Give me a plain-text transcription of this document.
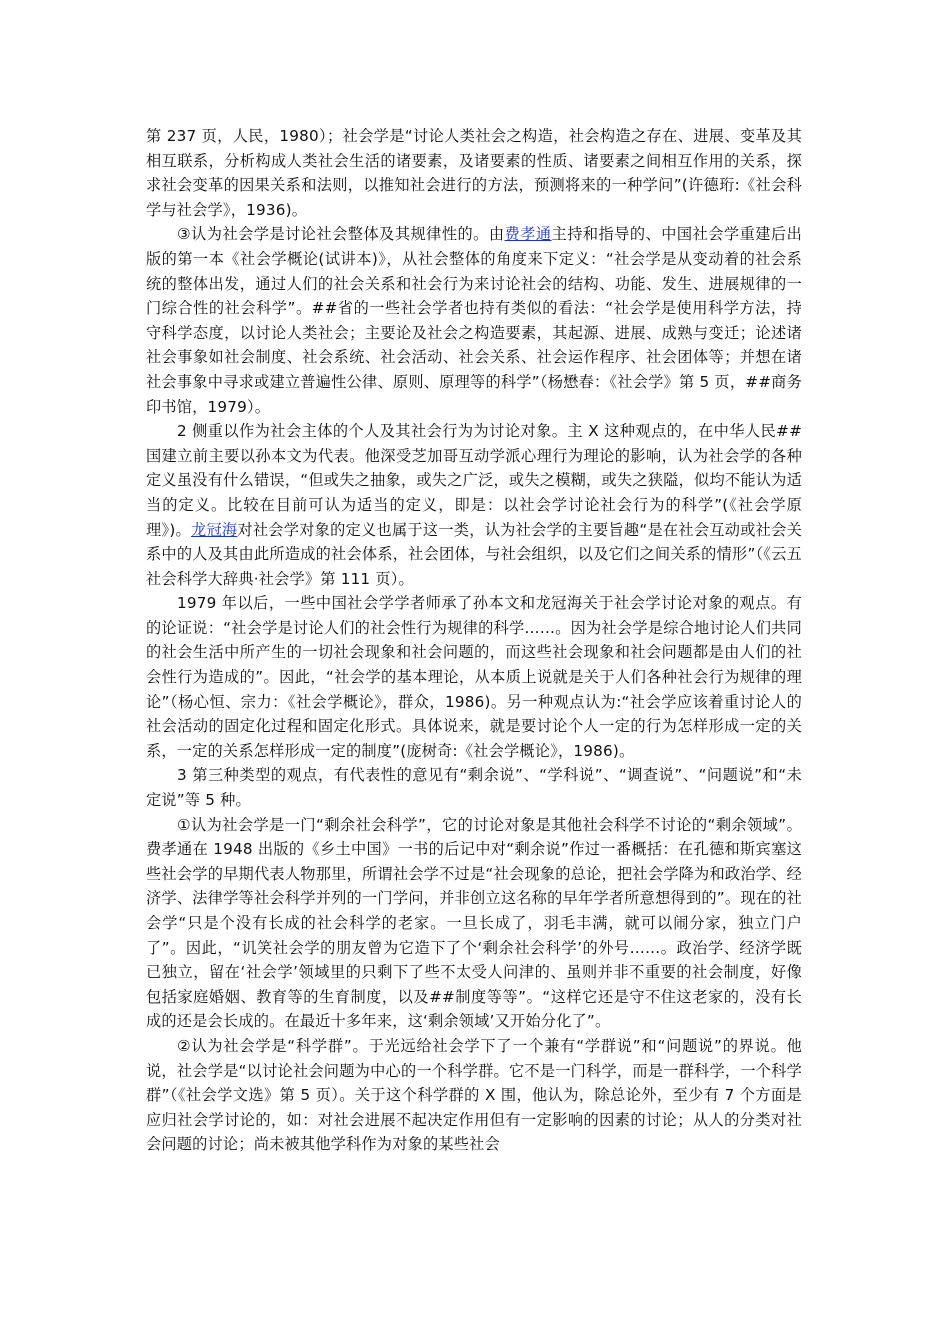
第 237 页，人民，1980）；社会学是“讨论人类社会之构造，社会构造之存在、进展、变革及其相互联系，分析构成人类社会生活的诸要素，及诸要素的性质、诸要素之间相互作用的关系，探求社会变革的因果关系和法则，以推知社会进行的方法，预测将来的一种学问”(许德珩:《社会科学与社会学》，1936)。

③认为社会学是讨论社会整体及其规律性的。由费孝通主持和指导的、中国社会学重建后出版的第一本《社会学概论(试讲本)》，从社会整体的角度来下定义：“社会学是从变动着的社会系统的整体出发，通过人们的社会关系和社会行为来讨论社会的结构、功能、发生、进展规律的一门综合性的社会科学”。##省的一些社会学者也持有类似的看法：“社会学是使用科学方法，持守科学态度，以讨论人类社会；主要论及社会之构造要素，其起源、进展、成熟与变迁；论述诸社会事象如社会制度、社会系统、社会活动、社会关系、社会运作程序、社会团体等；并想在诸社会事象中寻求或建立普遍性公律、原则、原理等的科学”（杨懋春：《社会学》第 5 页，##商务印书馆，1979）。

2 侧重以作为社会主体的个人及其社会行为为讨论对象。主 X 这种观点的，在中华人民##国建立前主要以孙本文为代表。他深受芝加哥互动学派心理行为理论的影响，认为社会学的各种定义虽没有什么错误，“但或失之抽象，或失之广泛，或失之模糊，或失之狭隘，似均不能认为适当的定义。比较在目前可认为适当的定义，即是：以社会学讨论社会行为的科学”(《社会学原理》)。龙冠海对社会学对象的定义也属于这一类，认为社会学的主要旨趣“是在社会互动或社会关系中的人及其由此所造成的社会体系，社会团体，与社会组织，以及它们之间关系的情形”（《云五社会科学大辞典·社会学》第 111 页）。

1979 年以后，一些中国社会学学者师承了孙本文和龙冠海关于社会学讨论对象的观点。有的论证说：“社会学是讨论人们的社会性行为规律的科学……。因为社会学是综合地讨论人们共同的社会生活中所产生的一切社会现象和社会问题的，而这些社会现象和社会问题都是由人们的社会性行为造成的”。因此，“社会学的基本理论，从本质上说就是关于人们各种社会行为规律的理论”（杨心恒、宗力：《社会学概论》，群众，1986)。另一种观点认为:“社会学应该着重讨论人的社会活动的固定化过程和固定化形式。具体说来，就是要讨论个人一定的行为怎样形成一定的关系，一定的关系怎样形成一定的制度”(庞树奇:《社会学概论》，1986)。

3 第三种类型的观点，有代表性的意见有“剩余说”、“学科说”、“调查说”、“问题说”和“未定说”等 5 种。

①认为社会学是一门“剩余社会科学”，它的讨论对象是其他社会科学不讨论的“剩余领域”。费孝通在 1948 出版的《乡土中国》一书的后记中对“剩余说”作过一番概括：在孔德和斯宾塞这些社会学的早期代表人物那里，所谓社会学不过是“社会现象的总论，把社会学降为和政治学、经济学、法律学等社会科学并列的一门学问，并非创立这名称的早年学者所意想得到的”。现在的社会学“只是个没有长成的社会科学的老家。一旦长成了，羽毛丰满，就可以闹分家，独立门户了”。因此，“讥笑社会学的朋友曾为它造下了个‘剩余社会科学’的外号……。政治学、经济学既已独立，留在‘社会学’领域里的只剩下了些不太受人问津的、虽则并非不重要的社会制度，好像包括家庭婚姻、教育等的生育制度，以及##制度等等”。“这样它还是守不住这老家的，没有长成的还是会长成的。在最近十多年来，这‘剩余领域’又开始分化了”。

②认为社会学是“科学群”。于光远给社会学下了一个兼有“学群说”和“问题说”的界说。他说，社会学是“以讨论社会问题为中心的一个科学群。它不是一门科学，而是一群科学，一个科学群”（《社会学文选》第 5 页）。关于这个科学群的 X 围，他认为，除总论外，至少有 7 个方面是应归社会学讨论的，如：对社会进展不起决定作用但有一定影响的因素的讨论；从人的分类对社会问题的讨论；尚未被其他学科作为对象的某些社会
